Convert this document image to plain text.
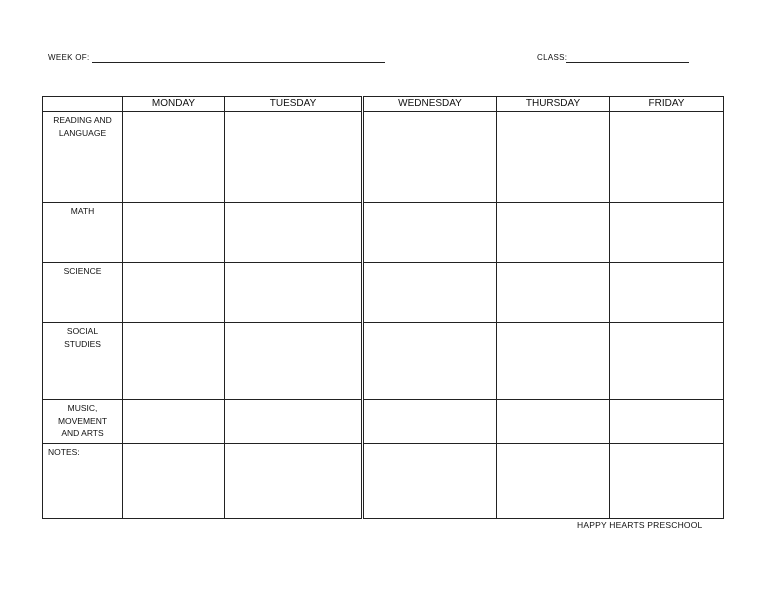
WEEK OF:	CLASS:
	MONDAY	TUESDAY	WEDNESDAY	THURSDAY	FRIDAY

READING AND LANGUAGE					

MATH					
SCIENCE					

SOCIAL STUDIES					

MUSIC, MOVEMENT AND ARTS					

NOTES:					
HAPPY HEARTS PRESCHOOL
